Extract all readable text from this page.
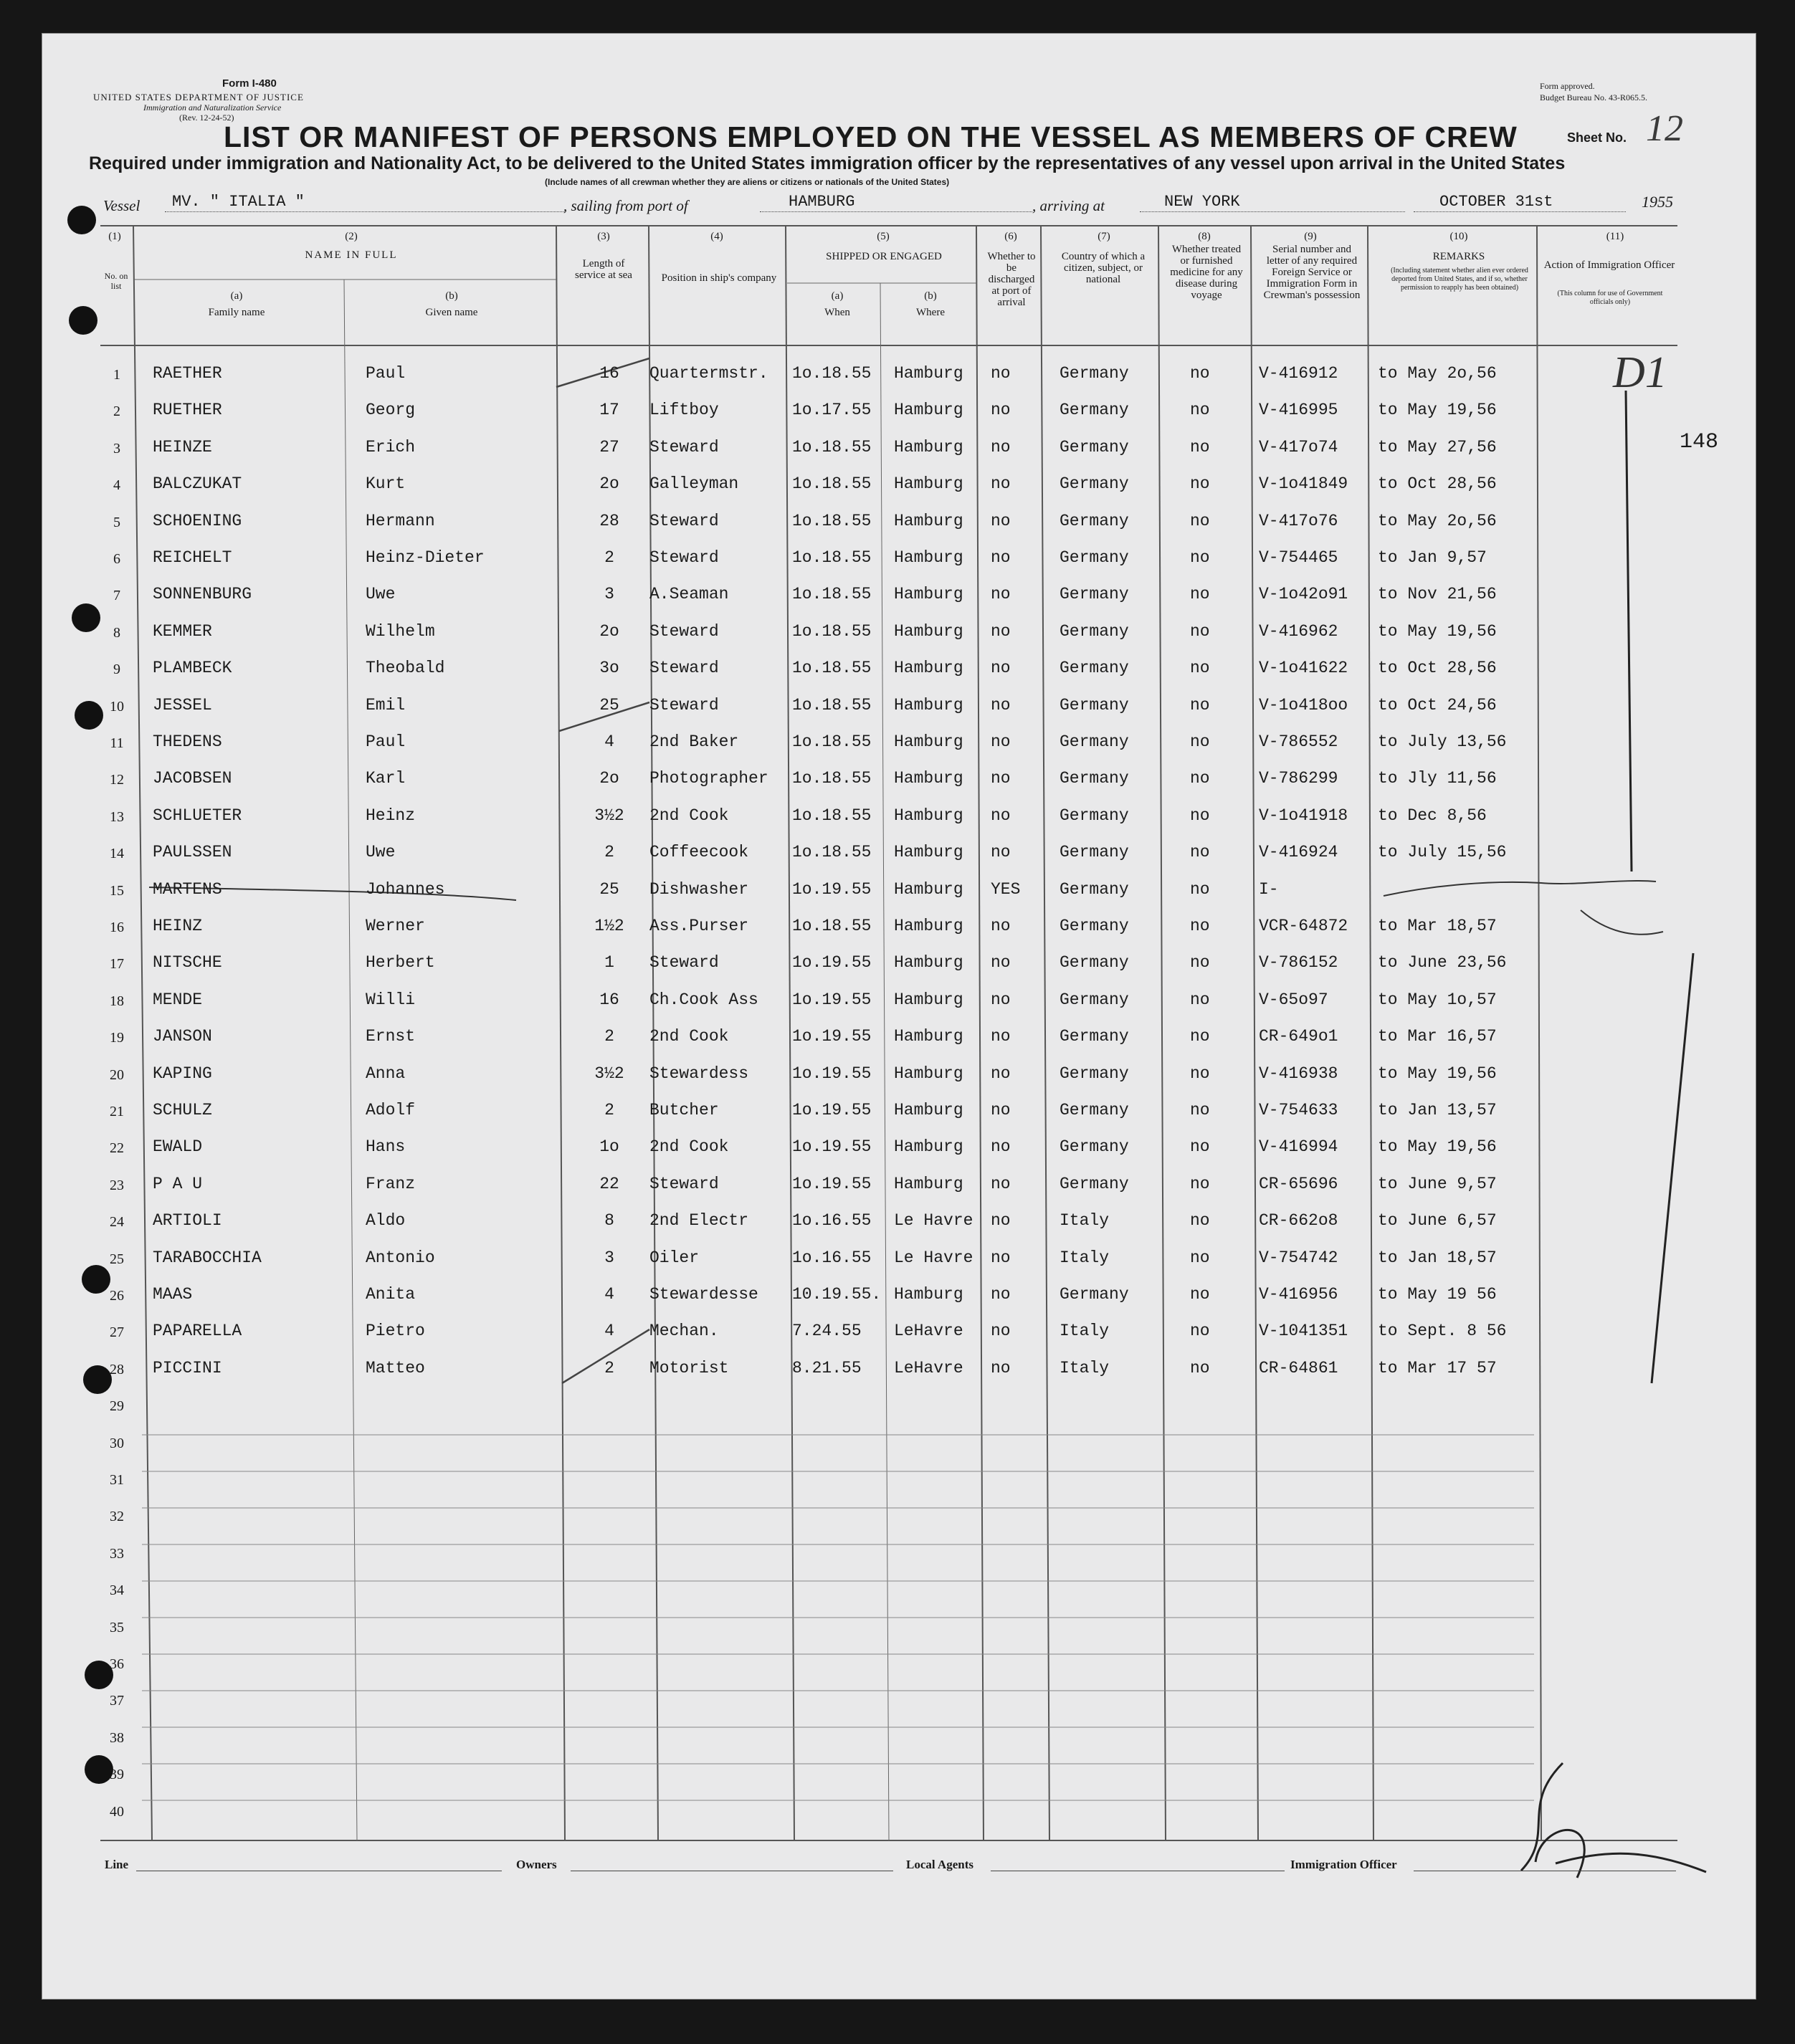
Form I-480
UNITED STATES DEPARTMENT OF JUSTICE
Immigration and Naturalization Service
(Rev. 12-24-52)
Form approved.
Budget Bureau No. 43-R065.5.
LIST OR MANIFEST OF PERSONS EMPLOYED ON THE VESSEL AS MEMBERS OF CREW	Sheet No. 12
Required under immigration and Nationality Act, to be delivered to the United States immigration officer by the representatives of any vessel upon arrival in the United States
(Include names of all crewman whether they are aliens or citizens or nationals of the United States)
Vessel MV. " ITALIA "	, sailing from port of	HAMBURG	, arriving at	NEW YORK	OCTOBER 31st	1955
(1)
No. on list
(2)
NAME IN FULL
(a)
Family name
(b)
Given name
(3)
Length of service at sea
(4)
Position in ship's company
(5)
SHIPPED OR ENGAGED
(a)
When
(b)
Where
(6)
Whether to be discharged at port of arrival
(7)
Country of which a citizen, subject, or national
(8)
Whether treated or furnished medicine for any disease during voyage
(9)
Serial number and letter of any required Foreign Service or Immigration Form in Crewman's possession
(10)
REMARKS
(Including statement whether alien ever ordered deported from United States, and if so, whether permission to reapply has been obtained)
(11)
Action of Immigration Officer
(This column for use of Government officials only)
1	RAETHER	Paul	16	Quartermstr. 1o.18.55 Hamburg no	Germany	no	V-416912 to May 2o,56
2	RUETHER	Georg	17	Liftboy	1o.17.55 Hamburg no	Germany	no	V-416995 to May 19,56
3	HEINZE	Erich	27	Steward	1o.18.55 Hamburg no	Germany	no	V-417o74 to May 27,56
4	BALCZUKAT	Kurt	2o	Galleyman	1o.18.55 Hamburg no	Germany	no	V-1o41849 to Oct 28,56
5	SCHOENING	Hermann	28	Steward	1o.18.55 Hamburg no	Germany	no	V-417o76 to May 2o,56
6	REICHELT	Heinz-Dieter	2	Steward	1o.18.55 Hamburg no	Germany	no	V-754465 to Jan 9,57
7	SONNENBURG	Uwe	3	A.Seaman	1o.18.55 Hamburg no	Germany	no	V-1o42o91 to Nov 21,56
8	KEMMER	Wilhelm	2o	Steward	1o.18.55 Hamburg no	Germany	no	V-416962 to May 19,56
9	PLAMBECK	Theobald	3o	Steward	1o.18.55 Hamburg no	Germany	no	V-1o41622 to Oct 28,56
10	JESSEL	Emil	25	Steward	1o.18.55 Hamburg no	Germany	no	V-1o418oo to Oct 24,56
11	THEDENS	Paul	4	2nd Baker	1o.18.55 Hamburg no	Germany	no	V-786552 to July 13,56
12	JACOBSEN	Karl	2o	Photographer 1o.18.55 Hamburg no	Germany	no	V-786299 to Jly 11,56
13	SCHLUETER	Heinz	3½2	2nd Cook	1o.18.55 Hamburg no	Germany	no	V-1o41918 to Dec 8,56
14	PAULSSEN	Uwe	2	Coffeecook	1o.18.55 Hamburg no	Germany	no	V-416924 to July 15,56
15	MARTENS	Johannes	25	Dishwasher	1o.19.55 Hamburg YES Germany	no	I-
16	HEINZ	Werner	1½2	Ass.Purser	1o.18.55 Hamburg no	Germany	no	VCR-64872 to Mar 18,57
17	NITSCHE	Herbert	1	Steward	1o.19.55 Hamburg no	Germany	no	V-786152 to June 23,56
18	MENDE	Willi	16	Ch.Cook Ass 1o.19.55 Hamburg no	Germany	no	V-65o97	to May 1o,57
19	JANSON	Ernst	2	2nd Cook	1o.19.55 Hamburg no	Germany	no	CR-649o1 to Mar 16,57
20	KAPING	Anna	3½2	Stewardess	1o.19.55 Hamburg no	Germany	no	V-416938 to May 19,56
21	SCHULZ	Adolf	2	Butcher	1o.19.55 Hamburg no	Germany	no	V-754633 to Jan 13,57
22	EWALD	Hans	1o	2nd Cook	1o.19.55 Hamburg no	Germany	no	V-416994 to May 19,56
23	P A U	Franz	22	Steward	1o.19.55 Hamburg no	Germany	no	CR-65696 to June 9,57
24	ARTIOLI	Aldo	8	2nd Electr	1o.16.55 Le Havre no	Italy	no	CR-662o8 to June 6,57
25	TARABOCCHIA	Antonio	3	Oiler	1o.16.55 Le Havre no	Italy	no	V-754742 to Jan 18,57
26	MAAS	Anita	4	Stewardesse 10.19.55. Hamburg no	Germany	no	V-416956 to May 19 56
27	PAPARELLA	Pietro	4	Mechan.	7.24.55 LeHavre no	Italy	no	V-1041351 to Sept. 8 56
28	PICCINI	Matteo	2	Motorist	8.21.55 LeHavre no	Italy	no	CR-64861 to Mar 17 57
29
30
31
32
33
34
35
36
37
38
39
40
D1
148
Line	Owners	Local Agents	Immigration Officer
